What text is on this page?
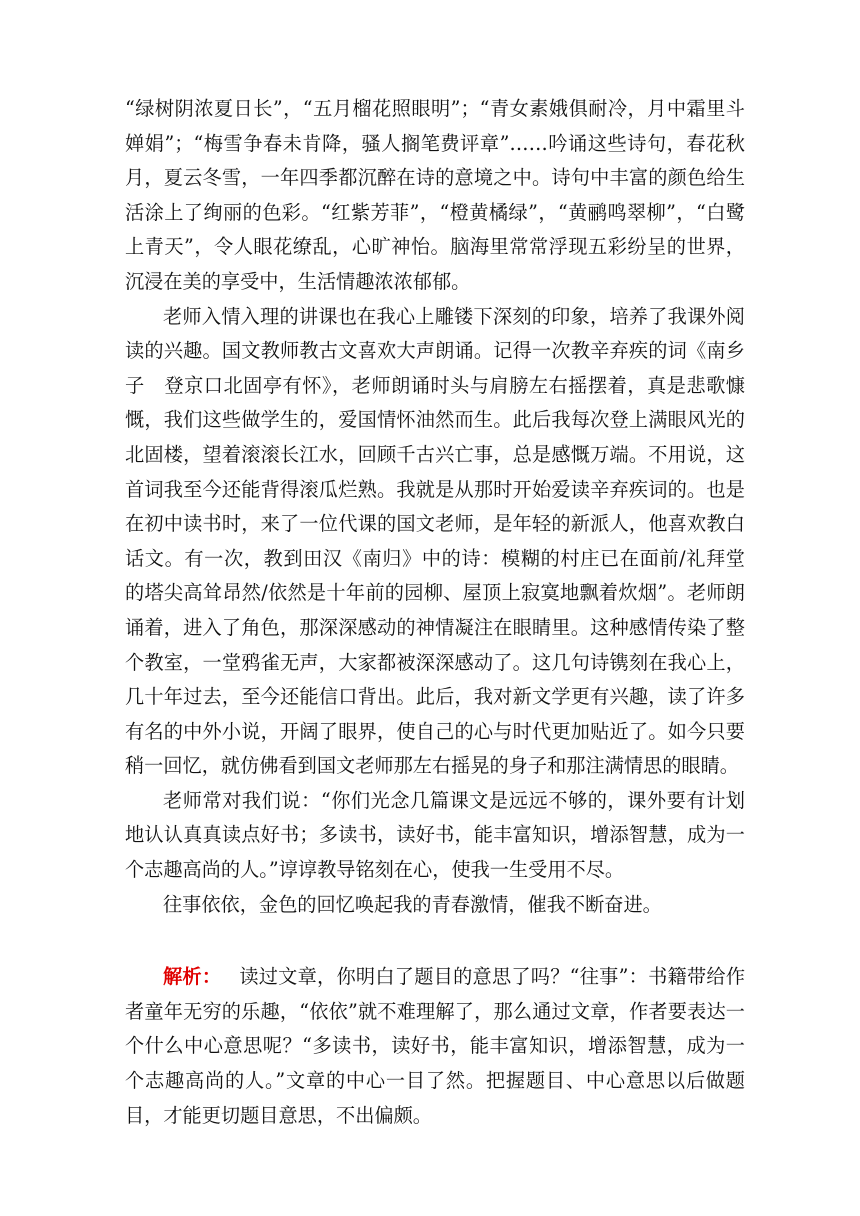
“绿树阴浓夏日长”，“五月榴花照眼明”；“青女素娥俱耐冷，月中霜里斗婵娟”；“梅雪争春未肯降，骚人搁笔费评章”……吟诵这些诗句，春花秋月，夏云冬雪，一年四季都沉醉在诗的意境之中。诗句中丰富的颜色给生活涂上了绚丽的色彩。“红紫芳菲”，“橙黄橘绿”，“黄鹂鸣翠柳”，“白鹭上青天”，令人眼花缭乱，心旷神怡。脑海里常常浮现五彩纷呈的世界，沉浸在美的享受中，生活情趣浓浓郁郁。

老师入情入理的讲课也在我心上雕镂下深刻的印象，培养了我课外阅读的兴趣。国文教师教古文喜欢大声朗诵。记得一次教辛弃疾的词《南乡子　登京口北固亭有怀》，老师朗诵时头与肩膀左右摇摆着，真是悲歌慷慨，我们这些做学生的，爱国情怀油然而生。此后我每次登上满眼风光的北固楼，望着滚滚长江水，回顾千古兴亡事，总是感慨万端。不用说，这首词我至今还能背得滚瓜烂熟。我就是从那时开始爱读辛弃疾词的。也是在初中读书时，来了一位代课的国文老师，是年轻的新派人，他喜欢教白话文。有一次，教到田汉《南归》中的诗：模糊的村庄已在面前/礼拜堂的塔尖高耸昂然/依然是十年前的园柳、屋顶上寂寞地飘着炊烟”。老师朗诵着，进入了角色，那深深感动的神情凝注在眼睛里。这种感情传染了整个教室，一堂鸦雀无声，大家都被深深感动了。这几句诗镌刻在我心上，几十年过去，至今还能信口背出。此后，我对新文学更有兴趣，读了许多有名的中外小说，开阔了眼界，使自己的心与时代更加贴近了。如今只要稍一回忆，就仿佛看到国文老师那左右摇晃的身子和那注满情思的眼睛。

老师常对我们说：“你们光念几篇课文是远远不够的，课外要有计划地认认真真读点好书；多读书，读好书，能丰富知识，增添智慧，成为一个志趣高尚的人。”谆谆教导铭刻在心，使我一生受用不尽。

往事依依，金色的回忆唤起我的青春激情，催我不断奋进。

解析： 读过文章，你明白了题目的意思了吗？“往事”：书籍带给作者童年无穷的乐趣，“依依”就不难理解了，那么通过文章，作者要表达一个什么中心意思呢？“多读书，读好书，能丰富知识，增添智慧，成为一个志趣高尚的人。”文章的中心一目了然。把握题目、中心意思以后做题目，才能更切题目意思，不出偏颇。
